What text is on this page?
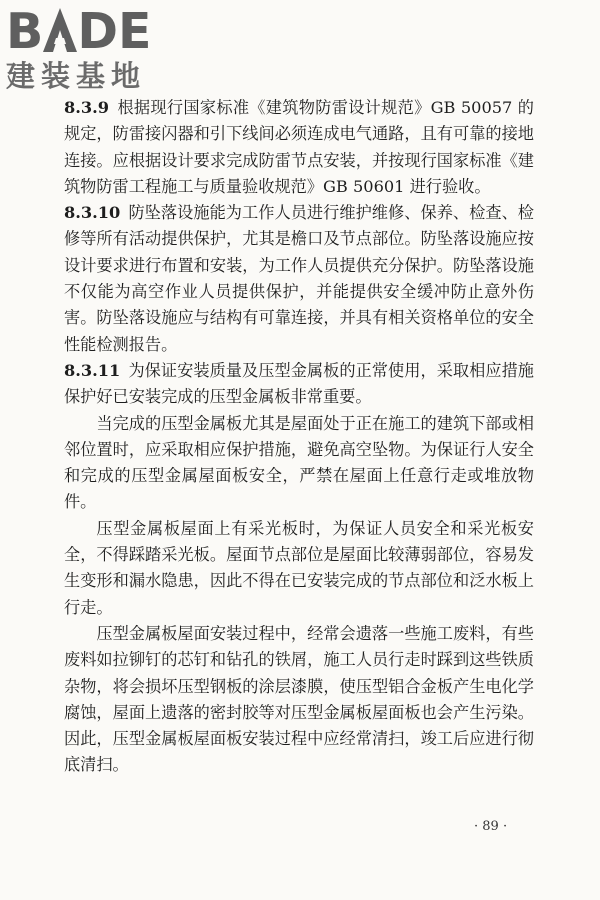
B DE
建装基地

8.3.9 根据现行国家标准《建筑物防雷设计规范》GB 50057 的规定，防雷接闪器和引下线间必须连成电气通路，且有可靠的接地连接。应根据设计要求完成防雷节点安装，并按现行国家标准《建筑物防雷工程施工与质量验收规范》GB 50601 进行验收。

8.3.10 防坠落设施能为工作人员进行维护维修、保养、检查、检修等所有活动提供保护，尤其是檐口及节点部位。防坠落设施应按设计要求进行布置和安装，为工作人员提供充分保护。防坠落设施不仅能为高空作业人员提供保护，并能提供安全缓冲防止意外伤害。防坠落设施应与结构有可靠连接，并具有相关资格单位的安全性能检测报告。

8.3.11 为保证安装质量及压型金属板的正常使用，采取相应措施保护好已安装完成的压型金属板非常重要。

当完成的压型金属板尤其是屋面处于正在施工的建筑下部或相邻位置时，应采取相应保护措施，避免高空坠物。为保证行人安全和完成的压型金属屋面板安全，严禁在屋面上任意行走或堆放物件。

压型金属板屋面上有采光板时，为保证人员安全和采光板安全，不得踩踏采光板。屋面节点部位是屋面比较薄弱部位，容易发生变形和漏水隐患，因此不得在已安装完成的节点部位和泛水板上行走。

压型金属板屋面安装过程中，经常会遗落一些施工废料，有些废料如拉铆钉的芯钉和钻孔的铁屑，施工人员行走时踩到这些铁质杂物，将会损坏压型钢板的涂层漆膜，使压型铝合金板产生电化学腐蚀，屋面上遗落的密封胶等对压型金属板屋面板也会产生污染。因此，压型金属板屋面板安装过程中应经常清扫，竣工后应进行彻底清扫。

· 89 ·
